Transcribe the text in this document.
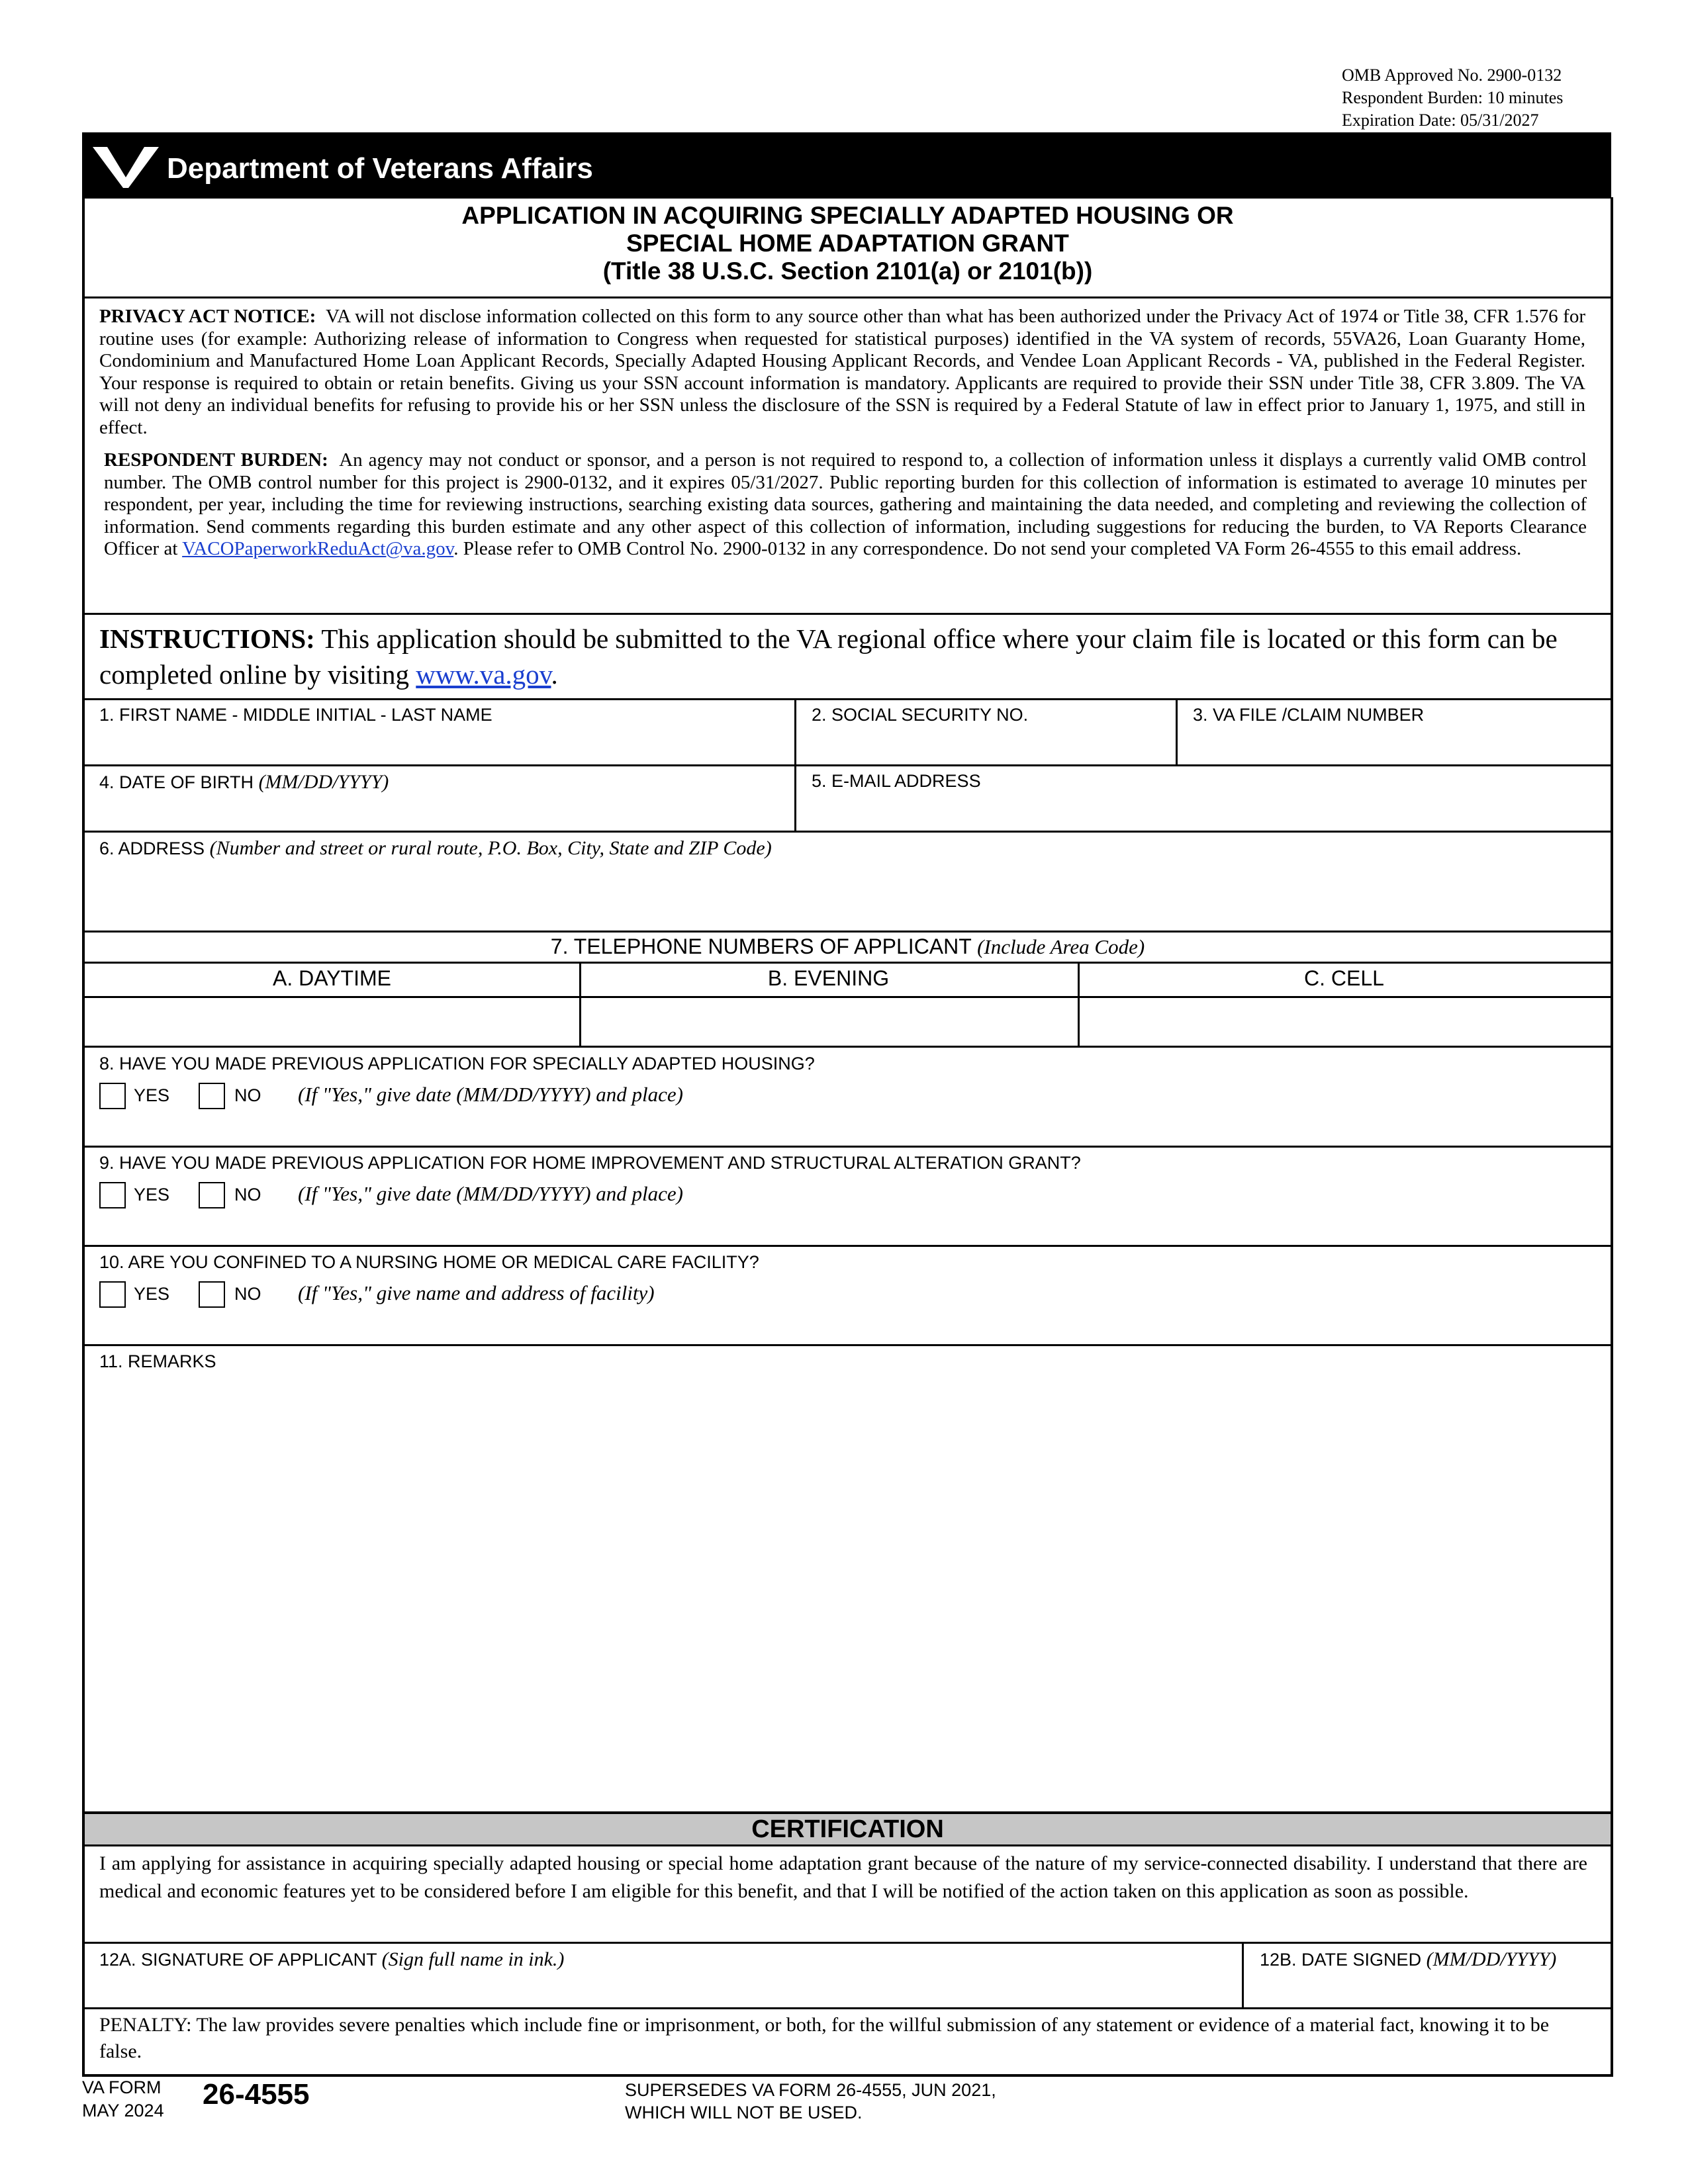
OMB Approved No. 2900-0132
Respondent Burden: 10 minutes
Expiration Date: 05/31/2027
Department of Veterans Affairs
APPLICATION IN ACQUIRING SPECIALLY ADAPTED HOUSING OR
SPECIAL HOME ADAPTATION GRANT
(Title 38 U.S.C. Section 2101(a) or 2101(b))
PRIVACY ACT NOTICE: VA will not disclose information collected on this form to any source other than what has been authorized under the Privacy Act of 1974 or Title 38, CFR 1.576 for routine uses (for example: Authorizing release of information to Congress when requested for statistical purposes) identified in the VA system of records, 55VA26, Loan Guaranty Home, Condominium and Manufactured Home Loan Applicant Records, Specially Adapted Housing Applicant Records, and Vendee Loan Applicant Records - VA, published in the Federal Register. Your response is required to obtain or retain benefits. Giving us your SSN account information is mandatory. Applicants are required to provide their SSN under Title 38, CFR 3.809. The VA will not deny an individual benefits for refusing to provide his or her SSN unless the disclosure of the SSN is required by a Federal Statute of law in effect prior to January 1, 1975, and still in effect.
RESPONDENT BURDEN: An agency may not conduct or sponsor, and a person is not required to respond to, a collection of information unless it displays a currently valid OMB control number. The OMB control number for this project is 2900-0132, and it expires 05/31/2027. Public reporting burden for this collection of information is estimated to average 10 minutes per respondent, per year, including the time for reviewing instructions, searching existing data sources, gathering and maintaining the data needed, and completing and reviewing the collection of information. Send comments regarding this burden estimate and any other aspect of this collection of information, including suggestions for reducing the burden, to VA Reports Clearance Officer at VACOPaperworkReduAct@va.gov. Please refer to OMB Control No. 2900-0132 in any correspondence. Do not send your completed VA Form 26-4555 to this email address.
INSTRUCTIONS: This application should be submitted to the VA regional office where your claim file is located or this form can be completed online by visiting www.va.gov.
1. FIRST NAME - MIDDLE INITIAL - LAST NAME	2. SOCIAL SECURITY NO.	3. VA FILE /CLAIM NUMBER
4. DATE OF BIRTH (MM/DD/YYYY)	5. E-MAIL ADDRESS
6. ADDRESS (Number and street or rural route, P.O. Box, City, State and ZIP Code)
7. TELEPHONE NUMBERS OF APPLICANT (Include Area Code)
A. DAYTIME	B. EVENING	C. CELL
8. HAVE YOU MADE PREVIOUS APPLICATION FOR SPECIALLY ADAPTED HOUSING?
YES	NO (If "Yes," give date (MM/DD/YYYY) and place)
9. HAVE YOU MADE PREVIOUS APPLICATION FOR HOME IMPROVEMENT AND STRUCTURAL ALTERATION GRANT?
YES	NO (If "Yes," give date (MM/DD/YYYY) and place)
10. ARE YOU CONFINED TO A NURSING HOME OR MEDICAL CARE FACILITY?
YES	NO (If "Yes," give name and address of facility)
11. REMARKS
CERTIFICATION
I am applying for assistance in acquiring specially adapted housing or special home adaptation grant because of the nature of my service-connected disability. I understand that there are medical and economic features yet to be considered before I am eligible for this benefit, and that I will be notified of the action taken on this application as soon as possible.
12A. SIGNATURE OF APPLICANT (Sign full name in ink.)	12B. DATE SIGNED (MM/DD/YYYY)
PENALTY: The law provides severe penalties which include fine or imprisonment, or both, for the willful submission of any statement or evidence of a material fact, knowing it to be false.
VA FORM
MAY 2024 26-4555	SUPERSEDES VA FORM 26-4555, JUN 2021,
WHICH WILL NOT BE USED.
